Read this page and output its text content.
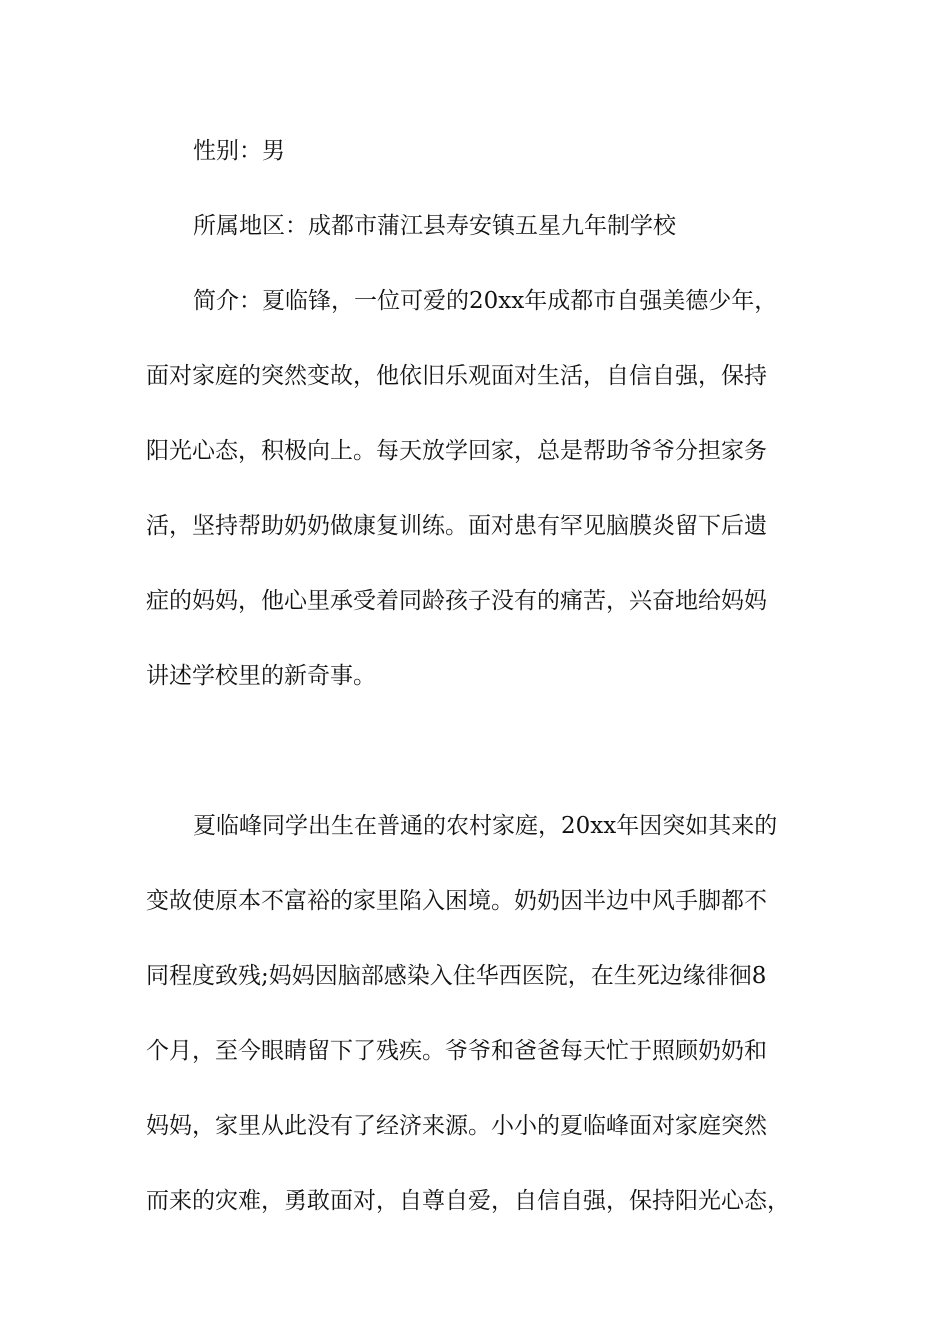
性别：男
所属地区：成都市蒲江县寿安镇五星九年制学校
简介：夏临锋，一位可爱的20xx年成都市自强美德少年，
面对家庭的突然变故，他依旧乐观面对生活，自信自强，保持
阳光心态，积极向上。每天放学回家，总是帮助爷爷分担家务
活，坚持帮助奶奶做康复训练。面对患有罕见脑膜炎留下后遗
症的妈妈，他心里承受着同龄孩子没有的痛苦，兴奋地给妈妈
讲述学校里的新奇事。
夏临峰同学出生在普通的农村家庭，20xx年因突如其来的
变故使原本不富裕的家里陷入困境。奶奶因半边中风手脚都不
同程度致残;妈妈因脑部感染入住华西医院，在生死边缘徘徊8
个月，至今眼睛留下了残疾。爷爷和爸爸每天忙于照顾奶奶和
妈妈，家里从此没有了经济来源。小小的夏临峰面对家庭突然
而来的灾难，勇敢面对，自尊自爱，自信自强，保持阳光心态，
